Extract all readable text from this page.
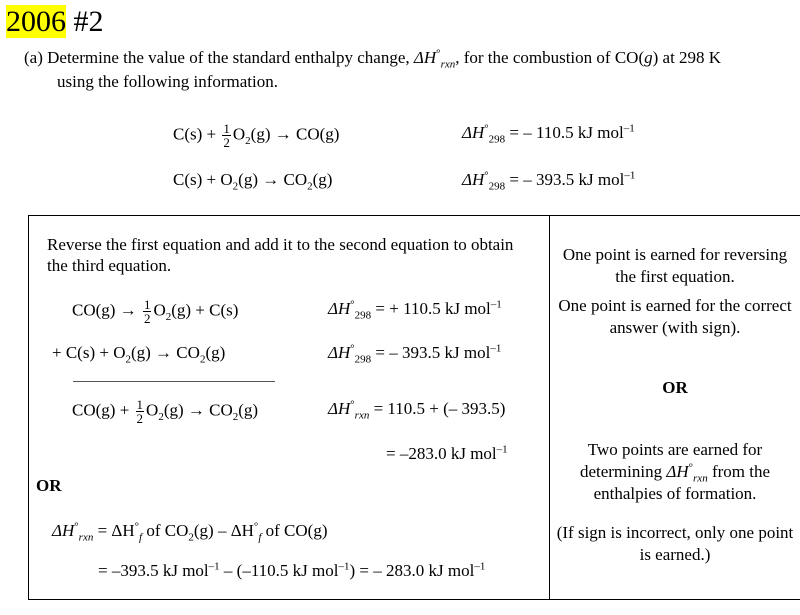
2006 #2
(a) Determine the value of the standard enthalpy change, $\Delta H^\circ_{rxn}$, for the combustion of CO(g) at 298 K
using the following information.
$C(s) + \frac{1}{2} O_2(g) \to CO(g)$	$\Delta H^\circ_{298}$ = – 110.5 kJ mol$^{-1}$
$C(s) + O_2(g) \to CO_2(g)$	$\Delta H^\circ_{298}$ = – 393.5 kJ mol$^{-1}$
Reverse the first equation and add it to the second equation to obtain
the third equation.
$CO(g) \to \frac{1}{2} O_2(g) + C(s)$	$\Delta H^\circ_{298}$ = + 110.5 kJ mol$^{-1}$
+ $C(s) + O_2(g) \to CO_2(g)$	$\Delta H^\circ_{298}$ = – 393.5 kJ mol$^{-1}$
$CO(g) + \frac{1}{2} O_2(g) \to CO_2(g)$	$\Delta H^\circ_{rxn} = 110.5$ + (– 393.5)
= –283.0 kJ mol$^{-1}$
OR
$\Delta H^\circ_{rxn} = \Delta H^\circ_f$ of $CO_2(g) - \Delta H^\circ_f$ of CO(g)
= –393.5 kJ mol$^{-1}$ – (–110.5 kJ mol$^{-1}$) = – 283.0 kJ mol$^{-1}$
One point is earned for reversing the first equation.
One point is earned for the correct answer (with sign).
OR
Two points are earned for determining $\Delta H^\circ_{rxn}$ from the enthalpies of formation.
(If sign is incorrect, only one point is earned.)
